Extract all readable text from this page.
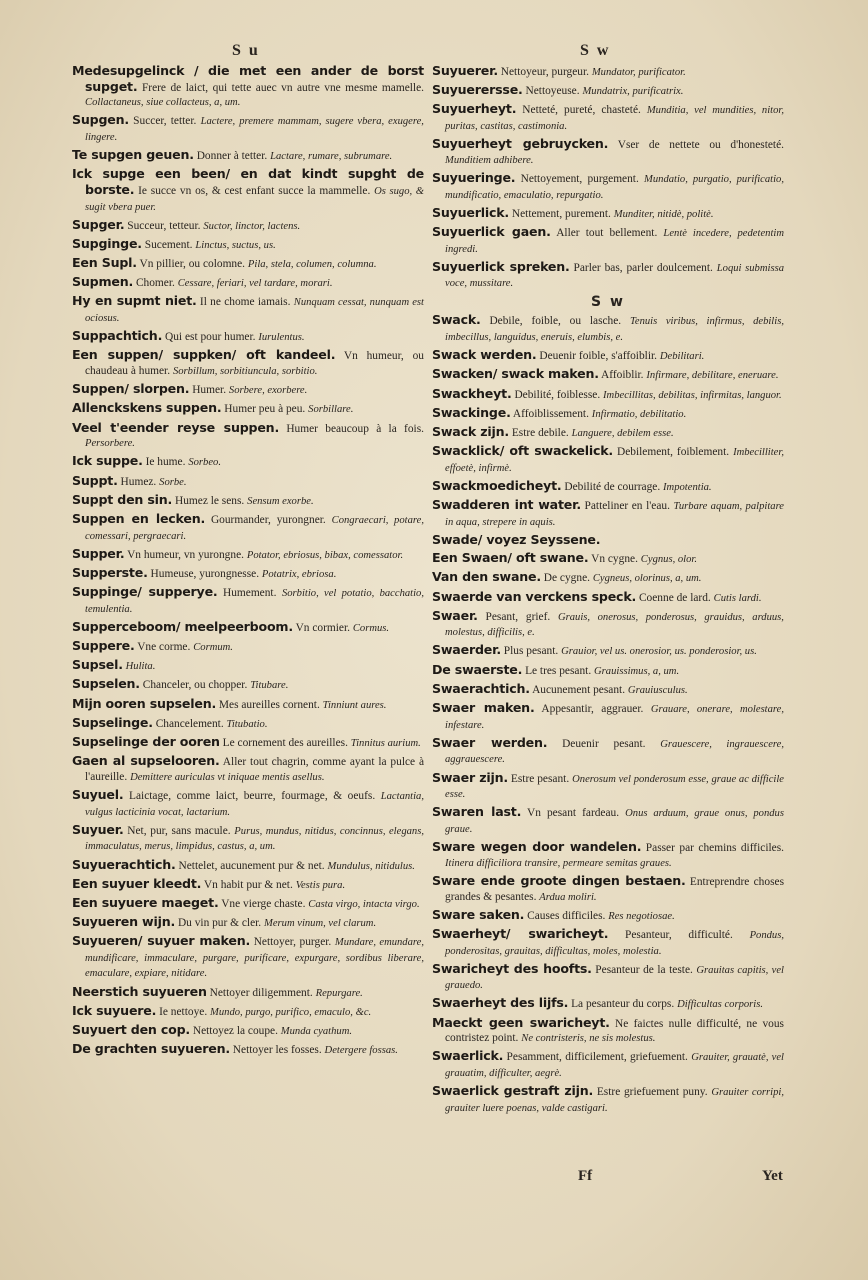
S u	S w
Medesupgelinck / die met een ander de borst supget. Frere de laict, qui tette auec vn autre vne mesme mamelle. Collactaneus, siue collacteus, a, um.
Supgen. Succer, tetter. Lactere, premere mammam, sugere vbera, exugere, lingere.
Te supgen geuen. Donner à tetter. Lactare, rumare, subrumare.
Ick supge een been/ en dat kindt supght de borste. Ie succe vn os, & cest enfant succe la mammelle. Os sugo, & sugit vbera puer.
Supger. Succeur, tetteur. Suctor, linctor, lactens.
Supginge. Sucement. Linctus, suctus, us.
Een Supl. Vn pillier, ou colomne. Pila, stela, columen, columna.
Supmen. Chomer. Cessare, feriari, vel tardare, morari.
Hy en supmt niet. Il ne chome iamais. Nunquam cessat, nunquam est ociosus.
Suppachtich. Qui est pour humer. Iurulentus.
Een suppen/ suppken/ oft kandeel. Vn humeur, ou chaudeau à humer. Sorbillum, sorbitiuncula, sorbitio.
Suppen/ slorpen. Humer. Sorbere, exorbere.
Allenckskens suppen. Humer peu à peu. Sorbillare.
Veel t'eender reyse suppen. Humer beaucoup à la fois. Persorbere.
Ick suppe. Ie hume. Sorbeo.
Suppt. Humez. Sorbe.
Suppt den sin. Humez le sens. Sensum exorbe.
Suppen en lecken. Gourmander, yurongner. Congraecari, potare, comessari, pergraecari.
Supper. Vn humeur, vn yurongne. Potator, ebriosus, bibax, comessator.
Supperste. Humeuse, yurongnesse. Potatrix, ebriosa.
Suppinge/ supperye. Humement. Sorbitio, vel potatio, bacchatio, temulentia.
Supperceboom/ meelpeerboom. Vn cormier. Cormus.
Suppere. Vne corme. Cormum.
Supsel. Hulita.
Supselen. Chanceler, ou chopper. Titubare.
Mijn ooren supselen. Mes aureilles cornent. Tinniunt aures.
Supselinge. Chancelement. Titubatio.
Supselinge der ooren Le cornement des aureilles. Tinnitus aurium.
Gaen al supselooren. Aller tout chagrin, comme ayant la pulce à l'aureille. Demittere auriculas vt iniquae mentis asellus.
Suyuel. Laictage, comme laict, beurre, fourmage, & oeufs. Lactantia, vulgus lacticinia vocat, lactarium.
Suyuer. Net, pur, sans macule. Purus, mundus, nitidus, concinnus, elegans, immaculatus, merus, limpidus, castus, a, um.
Suyuerachtich. Nettelet, aucunement pur & net. Mundulus, nitidulus.
Een suyuer kleedt. Vn habit pur & net. Vestis pura.
Een suyuere maeget. Vne vierge chaste. Casta virgo, intacta virgo.
Suyueren wijn. Du vin pur & cler. Merum vinum, vel clarum.
Suyueren/ suyuer maken. Nettoyer, purger. Mundare, emundare, mundificare, immaculare, purgare, purificare, expurgare, sordibus liberare, emaculare, expiare, nitidare.
Neerstich suyueren Nettoyer diligemment. Repurgare.
Ick suyuere. Ie nettoye. Mundo, purgo, purifico, emaculo, &c.
Suyuert den cop. Nettoyez la coupe. Munda cyathum.
De grachten suyueren. Nettoyer les fosses. Detergere fossas.
Suyuerer. Nettoyeur, purgeur. Mundator, purificator.
Suyuerersse. Nettoyeuse. Mundatrix, purificatrix.
Suyuerheyt. Netteté, pureté, chasteté. Munditia, vel mundities, nitor, puritas, castitas, castimonia.
Suyuerheyt gebruycken. Vser de nettete ou d'honesteté. Munditiem adhibere.
Suyueringe. Nettoyement, purgement. Mundatio, purgatio, purificatio, mundificatio, emaculatio, repurgatio.
Suyuerlick. Nettement, purement. Munditer, nitidè, politè.
Suyuerlick gaen. Aller tout bellement. Lentè incedere, pedetentim ingredi.
Suyuerlick spreken. Parler bas, parler doulcement. Loqui submissa voce, mussitare.
S w
Swack. Debile, foible, ou lasche. Tenuis viribus, infirmus, debilis, imbecillus, languidus, eneruis, elumbis, e.
Swack werden. Deuenir foible, s'affoiblir. Debilitari.
Swacken/ swack maken. Affoiblir. Infirmare, debilitare, eneruare.
Swackheyt. Debilité, foiblesse. Imbecillitas, debilitas, infirmitas, languor.
Swackinge. Affoiblissement. Infirmatio, debilitatio.
Swack zijn. Estre debile. Languere, debilem esse.
Swacklick/ oft swackelick. Debilement, foiblement. Imbecilliter, effoetè, infirmè.
Swackmoedicheyt. Debilité de courrage. Impotentia.
Swadderen int water. Patteliner en l'eau. Turbare aquam, palpitare in aqua, strepere in aquis.
Swade/ voyez Seyssene.
Een Swaen/ oft swane. Vn cygne. Cygnus, olor.
Van den swane. De cygne. Cygneus, olorinus, a, um.
Swaerde van verckens speck. Coenne de lard. Cutis lardi.
Swaer. Pesant, grief. Grauis, onerosus, ponderosus, grauidus, arduus, molestus, difficilis, e.
Swaerder. Plus pesant. Grauior, vel us. onerosior, us. ponderosior, us.
De swaerste. Le tres pesant. Grauissimus, a, um.
Swaerachtich. Aucunement pesant. Grauiusculus.
Swaer maken. Appesantir, aggrauer. Grauare, onerare, molestare, infestare.
Swaer werden. Deuenir pesant. Grauescere, ingrauescere, aggrauescere.
Swaer zijn. Estre pesant. Onerosum vel ponderosum esse, graue ac difficile esse.
Swaren last. Vn pesant fardeau. Onus arduum, graue onus, pondus graue.
Sware wegen door wandelen. Passer par chemins difficiles. Itinera difficiliora transire, permeare semitas graues.
Sware ende groote dingen bestaen. Entreprendre choses grandes & pesantes. Ardua moliri.
Sware saken. Causes difficiles. Res negotiosae.
Swaerheyt/ swaricheyt. Pesanteur, difficulté. Pondus, ponderositas, grauitas, difficultas, moles, molestia.
Swaricheyt des hoofts. Pesanteur de la teste. Grauitas capitis, vel grauedo.
Swaerheyt des lijfs. La pesanteur du corps. Difficultas corporis.
Maeckt geen swaricheyt. Ne faictes nulle difficulté, ne vous contristez point. Ne contristeris, ne sis molestus.
Swaerlick. Pesamment, difficilement, griefuement. Grauiter, grauatè, vel grauatim, difficulter, aegrè.
Swaerlick gestraft zijn. Estre griefuement puny. Grauiter corripi, grauiter luere poenas, valde castigari.
Ff	Yet
